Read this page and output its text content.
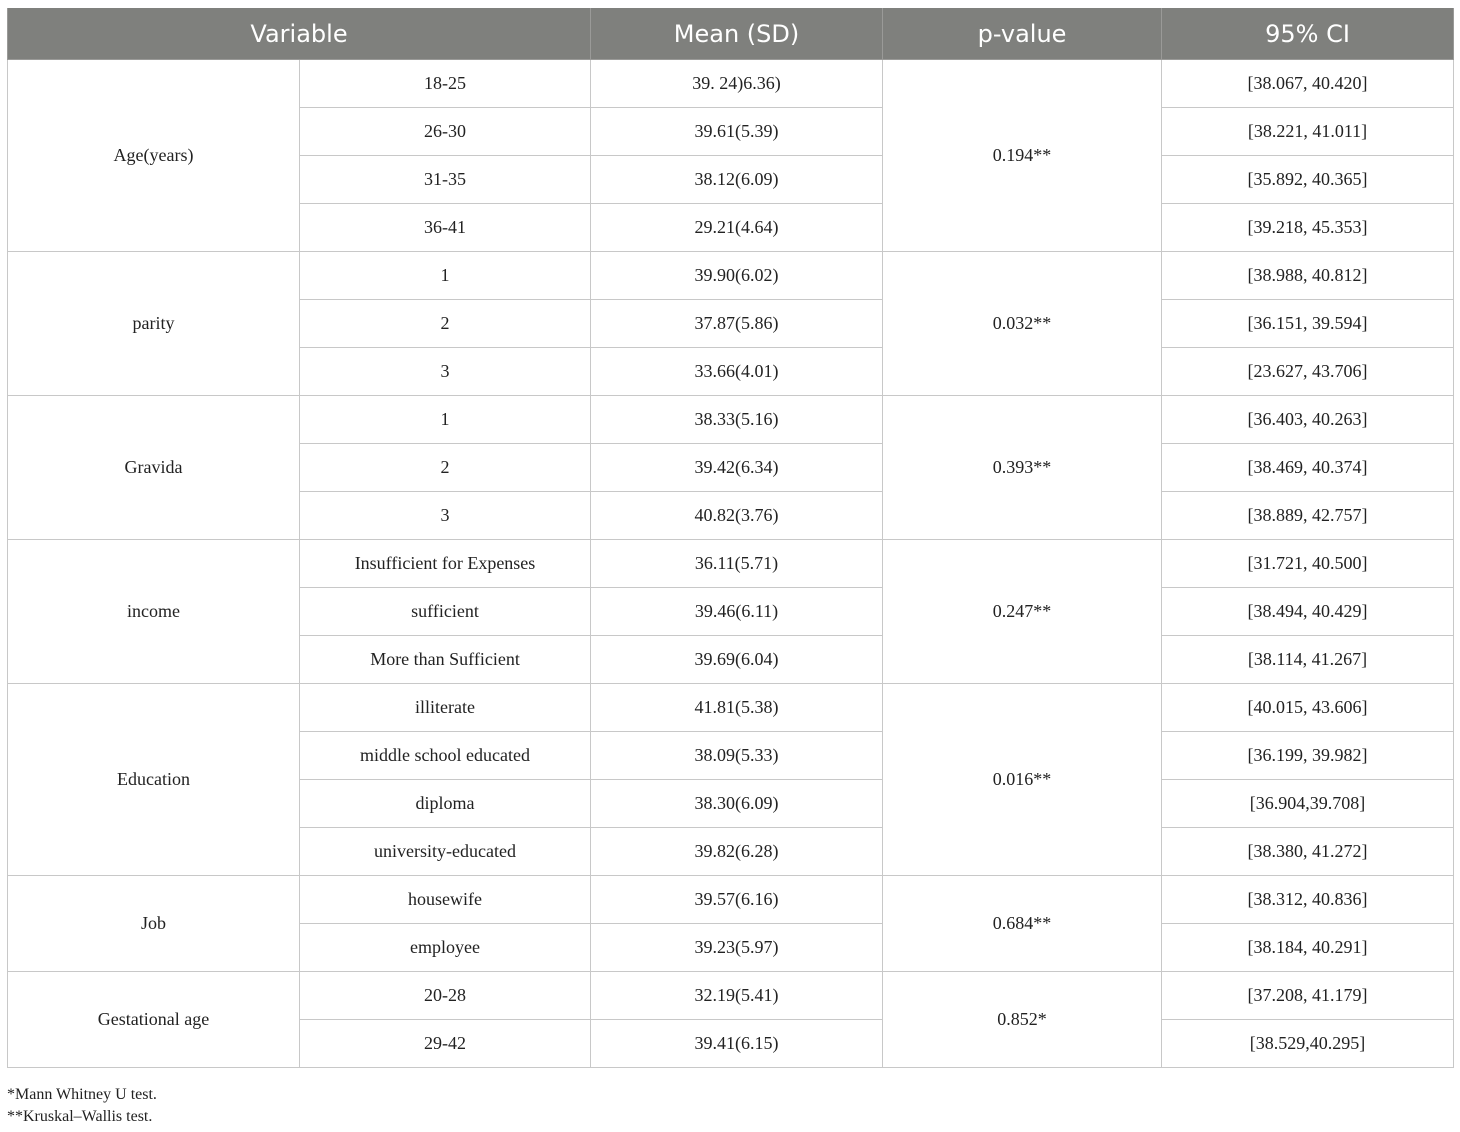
Variable		Mean (SD)	p-value	95% CI
Age(years)	18-25	39. 24)6.36)	0.194**	[38.067, 40.420]
	26-30	39.61(5.39)		[38.221, 41.011]
	31-35	38.12(6.09)		[35.892, 40.365]
	36-41	29.21(4.64)		[39.218, 45.353]
parity	1	39.90(6.02)	0.032**	[38.988, 40.812]
	2	37.87(5.86)		[36.151, 39.594]
	3	33.66(4.01)		[23.627, 43.706]
Gravida	1	38.33(5.16)	0.393**	[36.403, 40.263]
	2	39.42(6.34)		[38.469, 40.374]
	3	40.82(3.76)		[38.889, 42.757]
income	Insufficient for Expenses	36.11(5.71)	0.247**	[31.721, 40.500]
	sufficient	39.46(6.11)		[38.494, 40.429]
	More than Sufficient	39.69(6.04)		[38.114, 41.267]
Education	illiterate	41.81(5.38)	0.016**	[40.015, 43.606]
	middle school educated	38.09(5.33)		[36.199, 39.982]
	diploma	38.30(6.09)		[36.904,39.708]
	university-educated	39.82(6.28)		[38.380, 41.272]
Job	housewife	39.57(6.16)	0.684**	[38.312, 40.836]
	employee	39.23(5.97)		[38.184, 40.291]
Gestational age	20-28	32.19(5.41)	0.852*	[37.208, 41.179]
	29-42	39.41(6.15)		[38.529,40.295]
*Mann Whitney U test.
**Kruskal–Wallis test.
